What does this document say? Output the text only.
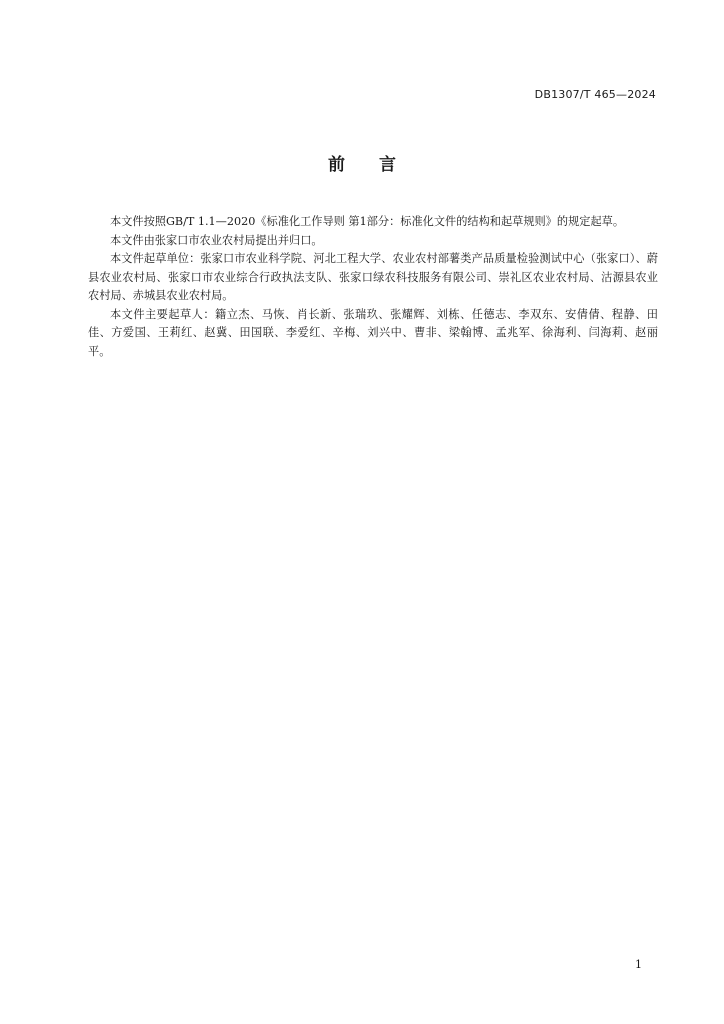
DB1307/T 465—2024
前言

本文件按照GB/T 1.1—2020《标准化工作导则 第1部分：标准化文件的结构和起草规则》的规定起草。

本文件由张家口市农业农村局提出并归口。

本文件起草单位：张家口市农业科学院、河北工程大学、农业农村部薯类产品质量检验测试中心（张家口）、蔚县农业农村局、张家口市农业综合行政执法支队、张家口绿农科技服务有限公司、崇礼区农业农村局、沽源县农业农村局、赤城县农业农村局。

本文件主要起草人：籍立杰、马恢、肖长新、张瑞玖、张耀辉、刘栋、任德志、李双东、安倩倩、程静、田佳、方爱国、王莉红、赵冀、田国联、李爱红、辛梅、刘兴中、曹非、梁翰博、孟兆军、徐海利、闫海莉、赵丽平。

1
